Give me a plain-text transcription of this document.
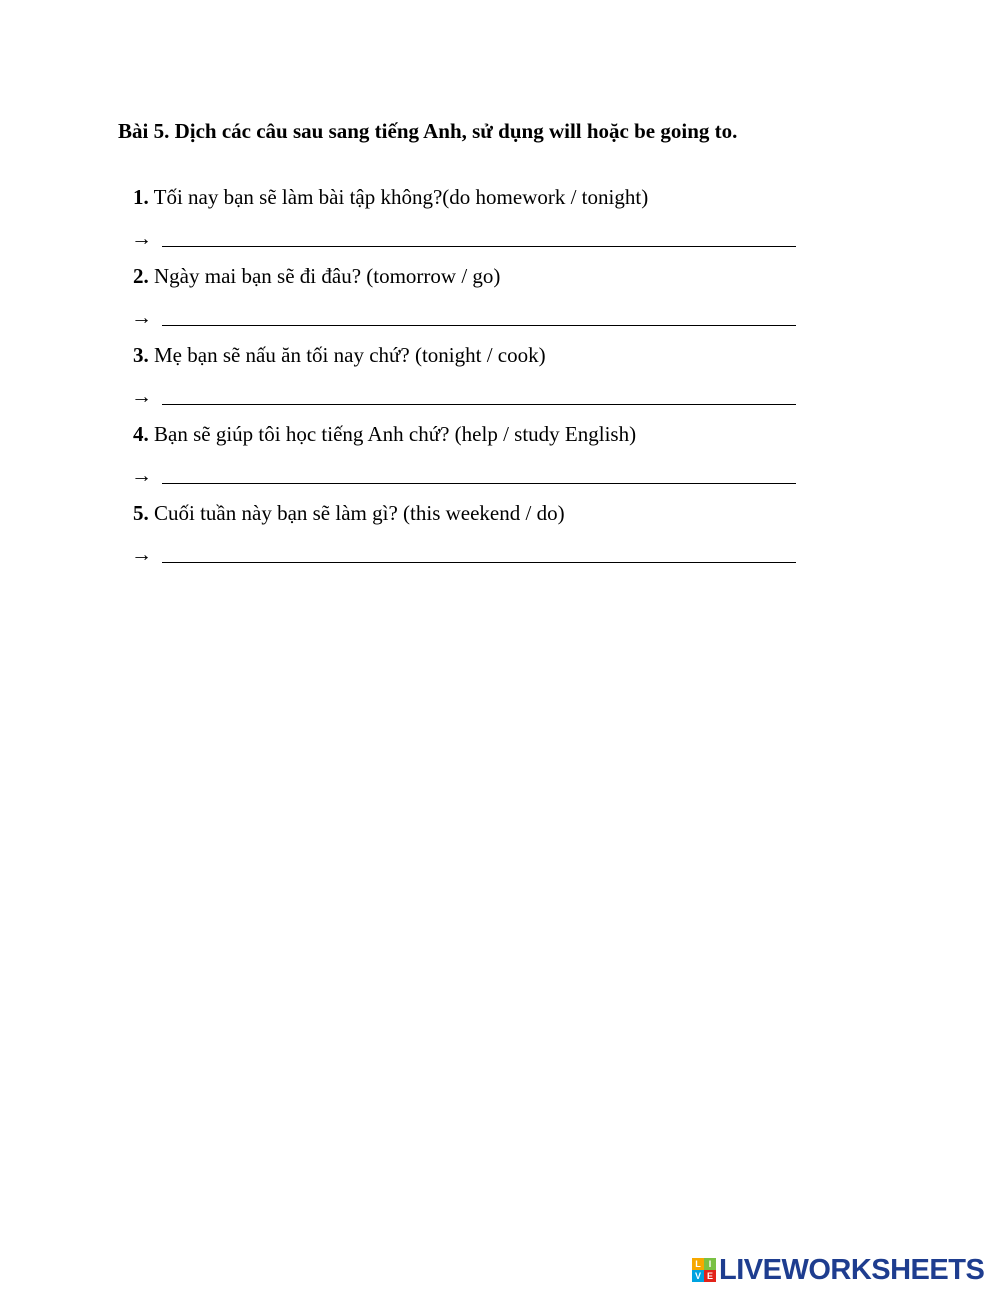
Bài 5. Dịch các câu sau sang tiếng Anh, sử dụng will hoặc be going to.
1. Tối nay bạn sẽ làm bài tập không?(do homework / tonight)
→
2. Ngày mai bạn sẽ đi đâu? (tomorrow / go)
→
3. Mẹ bạn sẽ nấu ăn tối nay chứ? (tonight / cook)
→
4. Bạn sẽ giúp tôi học tiếng Anh chứ? (help / study English)
→
5. Cuối tuần này bạn sẽ làm gì? (this weekend / do)
→
L I
V E LIVEWORKSHEETS
